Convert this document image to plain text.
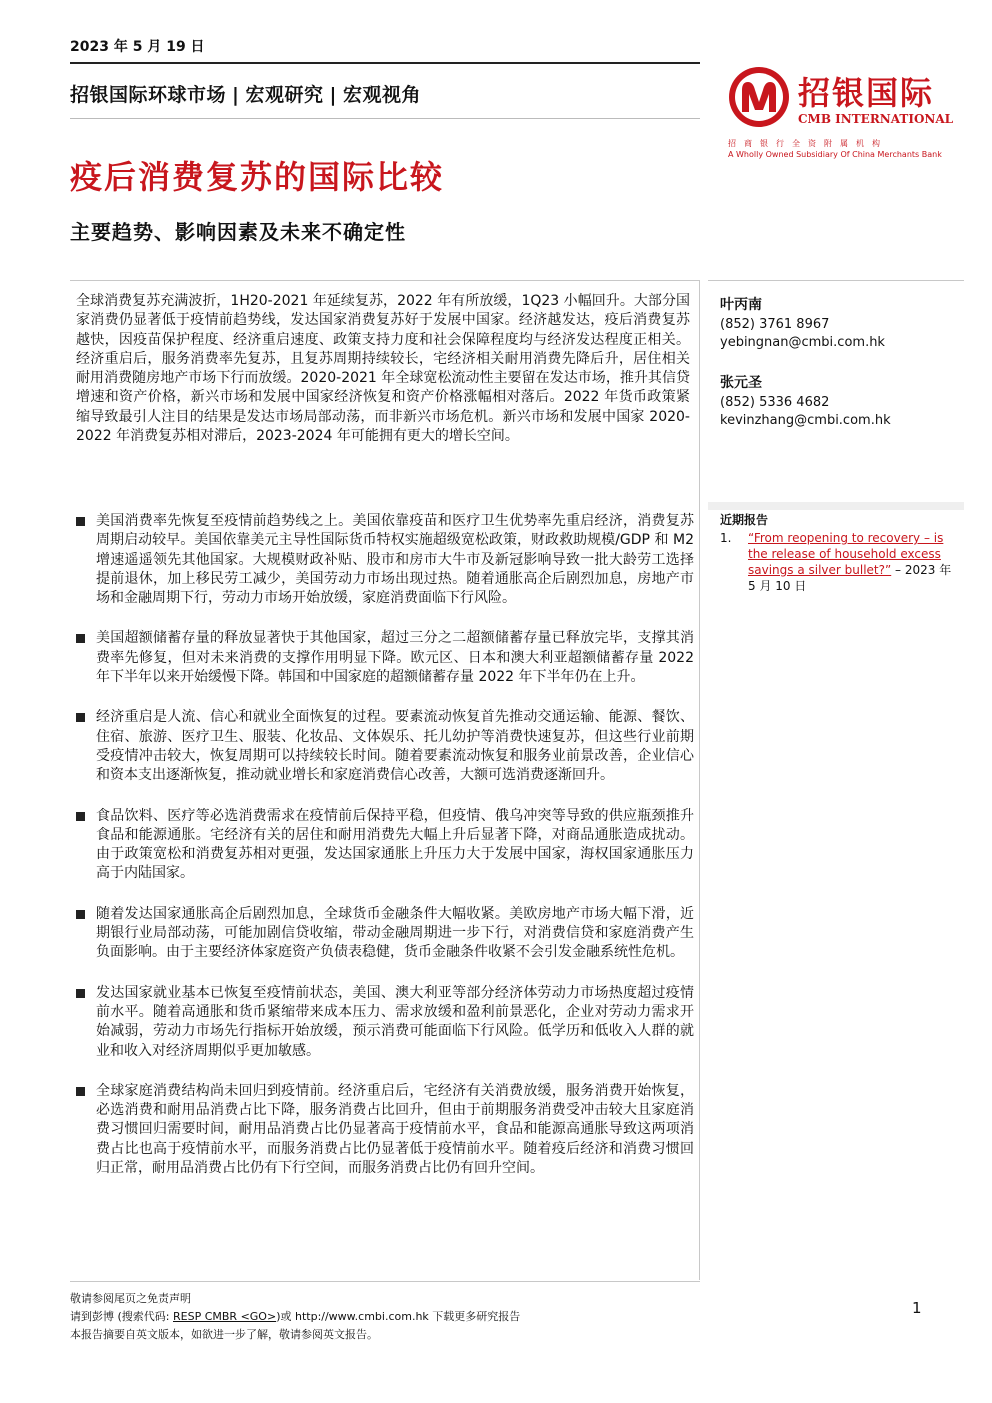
2023 年 5 月 19 日
招银国际环球市场 | 宏观研究 | 宏观视角	招银国际
CMB INTERNATIONAL
招商银行全资附属机构
A Wholly Owned Subsidiary Of China Merchants Bank
疫后消费复苏的国际比较
主要趋势、影响因素及未来不确定性

全球消费复苏充满波折，1H20-2021 年延续复苏，2022 年有所放缓，1Q23 小幅回升。大部分国家消费仍显著低于疫情前趋势线，发达国家消费复苏好于发展中国家。经济越发达，疫后消费复苏越快，因疫苗保护程度、经济重启速度、政策支持力度和社会保障程度均与经济发达程度正相关。经济重启后，服务消费率先复苏，且复苏周期持续较长，宅经济相关耐用消费先降后升，居住相关耐用消费随房地产市场下行而放缓。2020-2021 年全球宽松流动性主要留在发达市场，推升其信贷增速和资产价格，新兴市场和发展中国家经济恢复和资产价格涨幅相对落后。2022 年货币政策紧缩导致最引人注目的结果是发达市场局部动荡，而非新兴市场危机。新兴市场和发展中国家 2020-2022 年消费复苏相对滞后，2023-2024 年可能拥有更大的增长空间。

美国消费率先恢复至疫情前趋势线之上。美国依靠疫苗和医疗卫生优势率先重启经济，消费复苏周期启动较早。美国依靠美元主导性国际货币特权实施超级宽松政策，财政救助规模/GDP 和 M2 增速遥遥领先其他国家。大规模财政补贴、股市和房市大牛市及新冠影响导致一批大龄劳工选择提前退休，加上移民劳工减少，美国劳动力市场出现过热。随着通胀高企后剧烈加息，房地产市场和金融周期下行，劳动力市场开始放缓，家庭消费面临下行风险。
美国超额储蓄存量的释放显著快于其他国家，超过三分之二超额储蓄存量已释放完毕，支撑其消费率先修复，但对未来消费的支撑作用明显下降。欧元区、日本和澳大利亚超额储蓄存量 2022 年下半年以来开始缓慢下降。韩国和中国家庭的超额储蓄存量 2022 年下半年仍在上升。
经济重启是人流、信心和就业全面恢复的过程。要素流动恢复首先推动交通运输、能源、餐饮、住宿、旅游、医疗卫生、服装、化妆品、文体娱乐、托儿幼护等消费快速复苏，但这些行业前期受疫情冲击较大，恢复周期可以持续较长时间。随着要素流动恢复和服务业前景改善，企业信心和资本支出逐渐恢复，推动就业增长和家庭消费信心改善，大额可选消费逐渐回升。
食品饮料、医疗等必选消费需求在疫情前后保持平稳，但疫情、俄乌冲突等导致的供应瓶颈推升食品和能源通胀。宅经济有关的居住和耐用消费先大幅上升后显著下降，对商品通胀造成扰动。由于政策宽松和消费复苏相对更强，发达国家通胀上升压力大于发展中国家，海权国家通胀压力高于内陆国家。
随着发达国家通胀高企后剧烈加息，全球货币金融条件大幅收紧。美欧房地产市场大幅下滑，近期银行业局部动荡，可能加剧信贷收缩，带动金融周期进一步下行，对消费信贷和家庭消费产生负面影响。由于主要经济体家庭资产负债表稳健，货币金融条件收紧不会引发金融系统性危机。
发达国家就业基本已恢复至疫情前状态，美国、澳大利亚等部分经济体劳动力市场热度超过疫情前水平。随着高通胀和货币紧缩带来成本压力、需求放缓和盈利前景恶化，企业对劳动力需求开始减弱，劳动力市场先行指标开始放缓，预示消费可能面临下行风险。低学历和低收入人群的就业和收入对经济周期似乎更加敏感。
全球家庭消费结构尚未回归到疫情前。经济重启后，宅经济有关消费放缓，服务消费开始恢复，必选消费和耐用品消费占比下降，服务消费占比回升，但由于前期服务消费受冲击较大且家庭消费习惯回归需要时间，耐用品消费占比仍显著高于疫情前水平，食品和能源高通胀导致这两项消费占比也高于疫情前水平，而服务消费占比仍显著低于疫情前水平。随着疫后经济和消费习惯回归正常，耐用品消费占比仍有下行空间，而服务消费占比仍有回升空间。
叶丙南
(852) 3761 8967
yebingnan@cmbi.com.hk
张元圣
(852) 5336 4682
kevinzhang@cmbi.com.hk
近期报告
1. “From reopening to recovery – is the release of household excess savings a silver bullet?” – 2023 年 5 月 10 日
敬请参阅尾页之免责声明
请到彭博 (搜索代码: RESP CMBR <GO>)或 http://www.cmbi.com.hk 下载更多研究报告
本报告摘要自英文版本，如欲进一步了解，敬请参阅英文报告。
1
